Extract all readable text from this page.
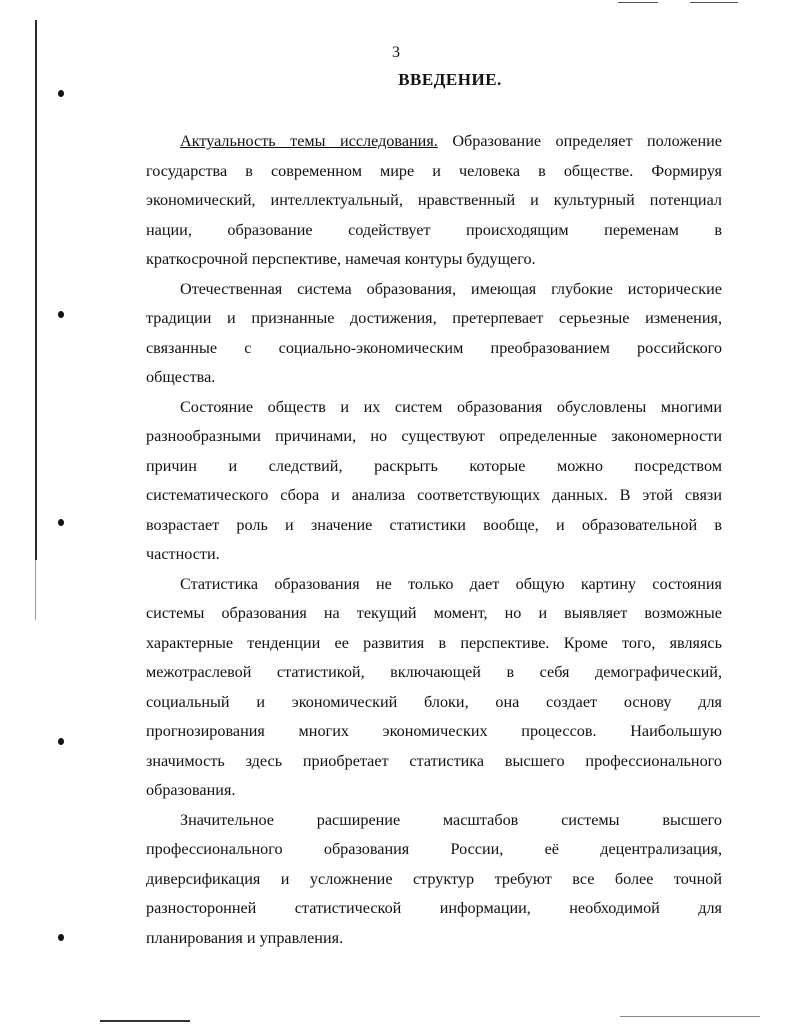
3
ВВЕДЕНИЕ.
Актуальность темы исследования. Образование определяет положение
государства в современном мире и человека в обществе. Формируя
экономический, интеллектуальный, нравственный и культурный потенциал
нации, образование содействует происходящим переменам в
краткосрочной перспективе, намечая контуры будущего.
Отечественная система образования, имеющая глубокие исторические
традиции и признанные достижения, претерпевает серьезные изменения,
связанные с социально-экономическим преобразованием российского
общества.
Состояние обществ и их систем образования обусловлены многими
разнообразными причинами, но существуют определенные закономерности
причин и следствий, раскрыть которые можно посредством
систематического сбора и анализа соответствующих данных. В этой связи
возрастает роль и значение статистики вообще, и образовательной в
частности.
Статистика образования не только дает общую картину состояния
системы образования на текущий момент, но и выявляет возможные
характерные тенденции ее развития в перспективе. Кроме того, являясь
межотраслевой статистикой, включающей в себя демографический,
социальный и экономический блоки, она создает основу для
прогнозирования многих экономических процессов. Наибольшую
значимость здесь приобретает статистика высшего профессионального
образования.
Значительное расширение масштабов системы высшего
профессионального образования России, её децентрализация,
диверсификация и усложнение структур требуют все более точной
разносторонней статистической информации, необходимой для
планирования и управления.
